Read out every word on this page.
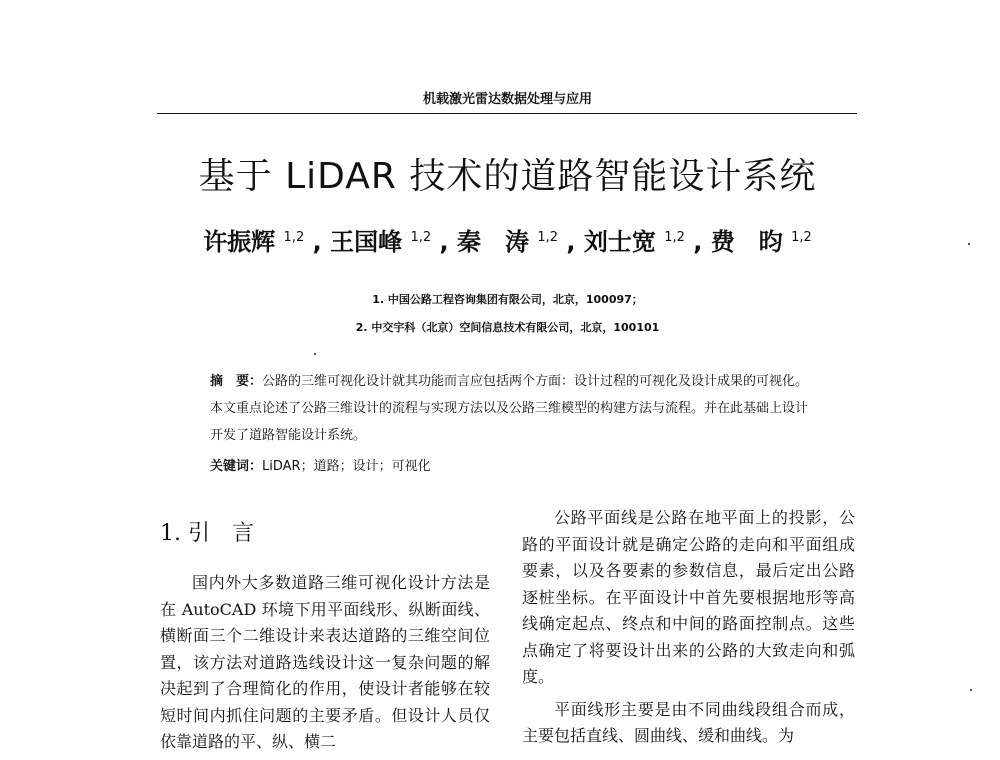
机载激光雷达数据处理与应用
基于 LiDAR 技术的道路智能设计系统
许振辉 $^{1,2}$ , 王国峰 $^{1,2}$ , 秦　涛 $^{1,2}$ , 刘士宽 $^{1,2}$ , 费　昀 $^{1,2}$
1. 中国公路工程咨询集团有限公司，北京，100097；
2. 中交宇科（北京）空间信息技术有限公司，北京，100101
摘　要：公路的三维可视化设计就其功能而言应包括两个方面：设计过程的可视化及设计成果的可视化。本文重点论述了公路三维设计的流程与实现方法以及公路三维模型的构建方法与流程。并在此基础上设计开发了道路智能设计系统。
关键词：LiDAR；道路；设计；可视化
1. 引　言

国内外大多数道路三维可视化设计方法是在 AutoCAD 环境下用平面线形、纵断面线、横断面三个二维设计来表达道路的三维空间位置，该方法对道路选线设计这一复杂问题的解决起到了合理简化的作用，使设计者能够在较短时间内抓住问题的主要矛盾。但设计人员仅依靠道路的平、纵、横二

公路平面线是公路在地平面上的投影，公路的平面设计就是确定公路的走向和平面组成要素，以及各要素的参数信息，最后定出公路逐桩坐标。在平面设计中首先要根据地形等高线确定起点、终点和中间的路面控制点。这些点确定了将要设计出来的公路的大致走向和弧度。

平面线形主要是由不同曲线段组合而成，主要包括直线、圆曲线、缓和曲线。为
